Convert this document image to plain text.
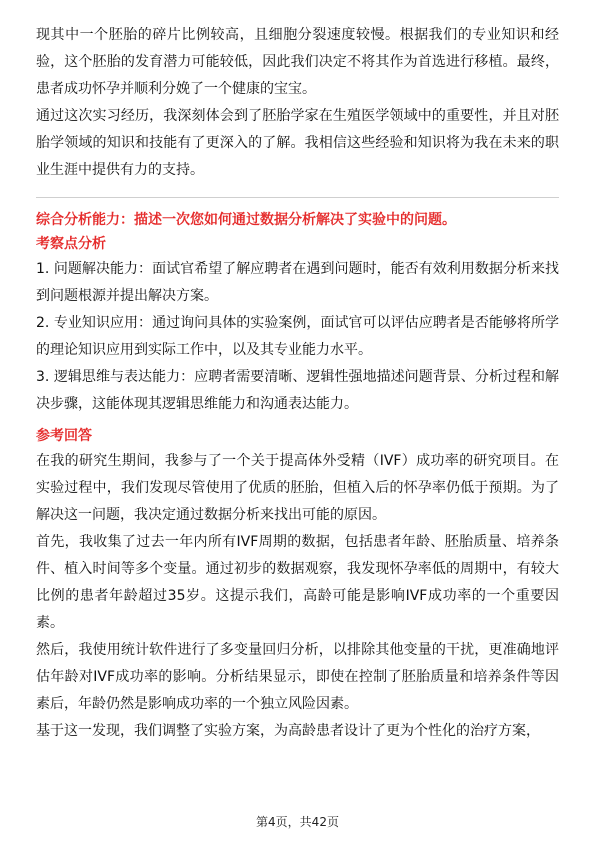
现其中一个胚胎的碎片比例较高，且细胞分裂速度较慢。根据我们的专业知识和经验，这个胚胎的发育潜力可能较低，因此我们决定不将其作为首选进行移植。最终，患者成功怀孕并顺利分娩了一个健康的宝宝。

通过这次实习经历，我深刻体会到了胚胎学家在生殖医学领域中的重要性，并且对胚胎学领域的知识和技能有了更深入的了解。我相信这些经验和知识将为我在未来的职业生涯中提供有力的支持。

综合分析能力：描述一次您如何通过数据分析解决了实验中的问题。

考察点分析

1. 问题解决能力：面试官希望了解应聘者在遇到问题时，能否有效利用数据分析来找到问题根源并提出解决方案。

2. 专业知识应用：通过询问具体的实验案例，面试官可以评估应聘者是否能够将所学的理论知识应用到实际工作中，以及其专业能力水平。

3. 逻辑思维与表达能力：应聘者需要清晰、逻辑性强地描述问题背景、分析过程和解决步骤，这能体现其逻辑思维能力和沟通表达能力。

参考回答

在我的研究生期间，我参与了一个关于提高体外受精（IVF）成功率的研究项目。在实验过程中，我们发现尽管使用了优质的胚胎，但植入后的怀孕率仍低于预期。为了解决这一问题，我决定通过数据分析来找出可能的原因。

首先，我收集了过去一年内所有IVF周期的数据，包括患者年龄、胚胎质量、培养条件、植入时间等多个变量。通过初步的数据观察，我发现怀孕率低的周期中，有较大比例的患者年龄超过35岁。这提示我们，高龄可能是影响IVF成功率的一个重要因素。

然后，我使用统计软件进行了多变量回归分析，以排除其他变量的干扰，更准确地评估年龄对IVF成功率的影响。分析结果显示，即使在控制了胚胎质量和培养条件等因素后，年龄仍然是影响成功率的一个独立风险因素。

基于这一发现，我们调整了实验方案，为高龄患者设计了更为个性化的治疗方案，

第4页，共42页
